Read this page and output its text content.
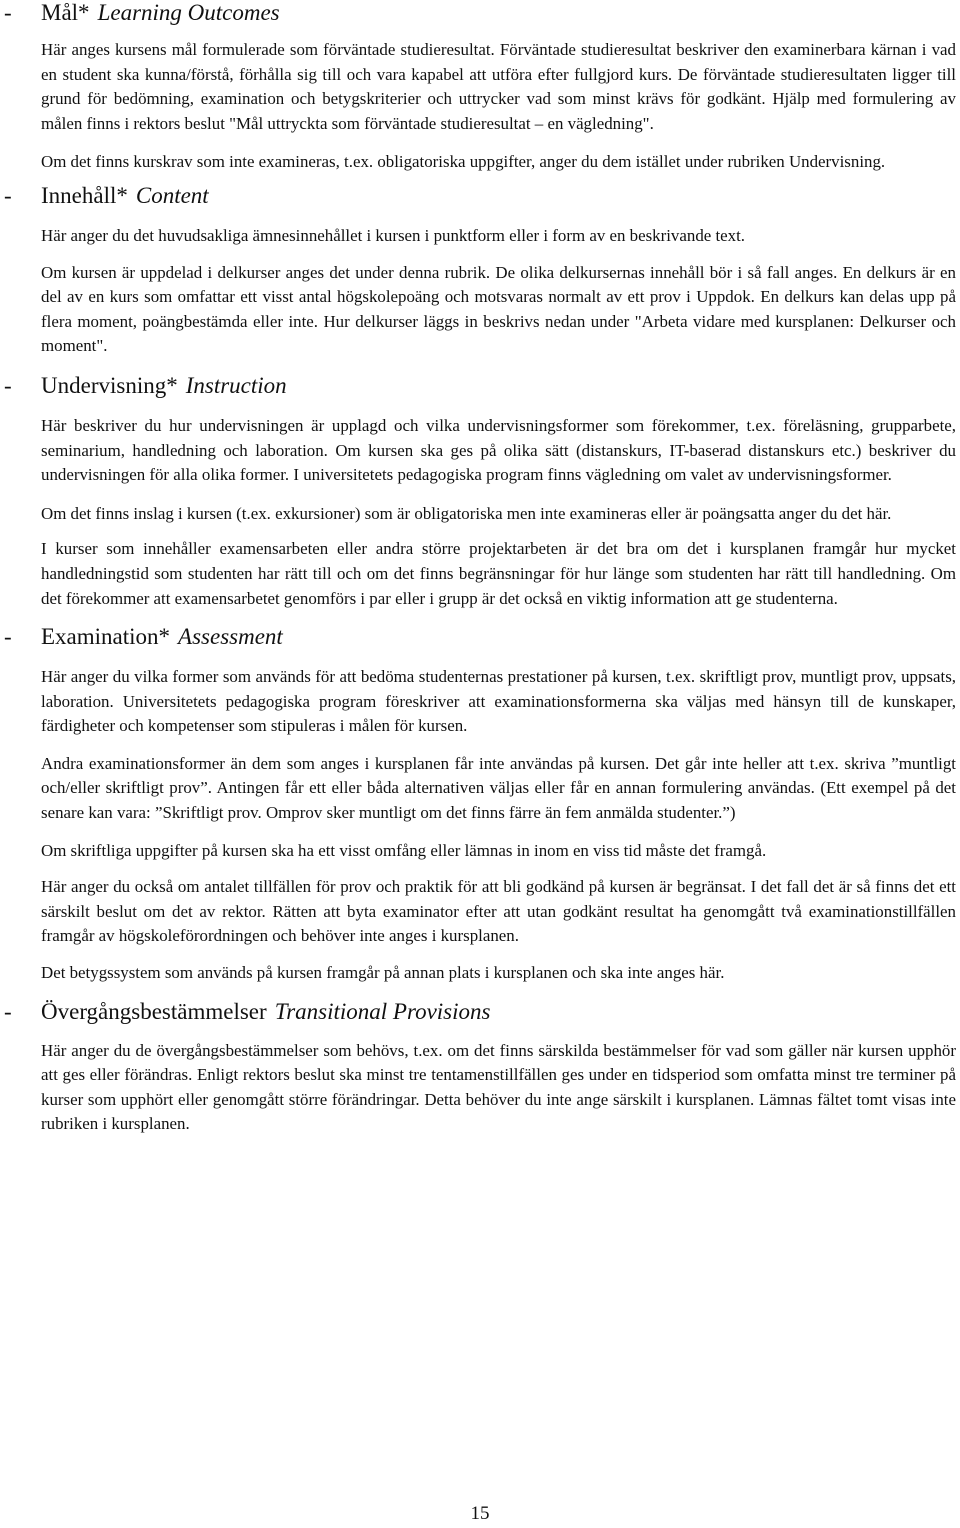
- Mål* Learning Outcomes

Här anges kursens mål formulerade som förväntade studieresultat. Förväntade studieresultat beskriver den examinerbara kärnan i vad en student ska kunna/förstå, förhålla sig till och vara kapabel att utföra efter fullgjord kurs. De förväntade studieresultaten ligger till grund för bedömning, examination och betygskriterier och uttrycker vad som minst krävs för godkänt. Hjälp med formulering av målen finns i rektors beslut "Mål uttryckta som förväntade studieresultat – en vägledning".

Om det finns kurskrav som inte examineras, t.ex. obligatoriska uppgifter, anger du dem istället under rubriken Undervisning.

- Innehåll* Content

Här anger du det huvudsakliga ämnesinnehållet i kursen i punktform eller i form av en beskrivande text.

Om kursen är uppdelad i delkurser anges det under denna rubrik. De olika delkursernas innehåll bör i så fall anges. En delkurs är en del av en kurs som omfattar ett visst antal högskolepoäng och motsvaras normalt av ett prov i Uppdok. En delkurs kan delas upp på flera moment, poängbestämda eller inte. Hur delkurser läggs in beskrivs nedan under "Arbeta vidare med kursplanen: Delkurser och moment".

- Undervisning* Instruction

Här beskriver du hur undervisningen är upplagd och vilka undervisningsformer som förekommer, t.ex. föreläsning, grupparbete, seminarium, handledning och laboration. Om kursen ska ges på olika sätt (distanskurs, IT-baserad distanskurs etc.) beskriver du undervisningen för alla olika former. I universitetets pedagogiska program finns vägledning om valet av undervisningsformer.

Om det finns inslag i kursen (t.ex. exkursioner) som är obligatoriska men inte examineras eller är poängsatta anger du det här.

I kurser som innehåller examensarbeten eller andra större projektarbeten är det bra om det i kursplanen framgår hur mycket handledningstid som studenten har rätt till och om det finns begränsningar för hur länge som studenten har rätt till handledning. Om det förekommer att examensarbetet genomförs i par eller i grupp är det också en viktig information att ge studenterna.

- Examination* Assessment

Här anger du vilka former som används för att bedöma studenternas prestationer på kursen, t.ex. skriftligt prov, muntligt prov, uppsats, laboration. Universitetets pedagogiska program föreskriver att examinationsformerna ska väljas med hänsyn till de kunskaper, färdigheter och kompetenser som stipuleras i målen för kursen.

Andra examinationsformer än dem som anges i kursplanen får inte användas på kursen. Det går inte heller att t.ex. skriva ”muntligt och/eller skriftligt prov”. Antingen får ett eller båda alternativen väljas eller får en annan formulering användas. (Ett exempel på det senare kan vara: ”Skriftligt prov. Omprov sker muntligt om det finns färre än fem anmälda studenter.”)

Om skriftliga uppgifter på kursen ska ha ett visst omfång eller lämnas in inom en viss tid måste det framgå.

Här anger du också om antalet tillfällen för prov och praktik för att bli godkänd på kursen är begränsat. I det fall det är så finns det ett särskilt beslut om det av rektor. Rätten att byta examinator efter att utan godkänt resultat ha genomgått två examinationstillfällen framgår av högskoleförordningen och behöver inte anges i kursplanen.

Det betygssystem som används på kursen framgår på annan plats i kursplanen och ska inte anges här.

- Övergångsbestämmelser Transitional Provisions

Här anger du de övergångsbestämmelser som behövs, t.ex. om det finns särskilda bestämmelser för vad som gäller när kursen upphör att ges eller förändras. Enligt rektors beslut ska minst tre tentamenstillfällen ges under en tidsperiod som omfatta minst tre terminer på kurser som upphört eller genomgått större förändringar. Detta behöver du inte ange särskilt i kursplanen. Lämnas fältet tomt visas inte rubriken i kursplanen.

15
